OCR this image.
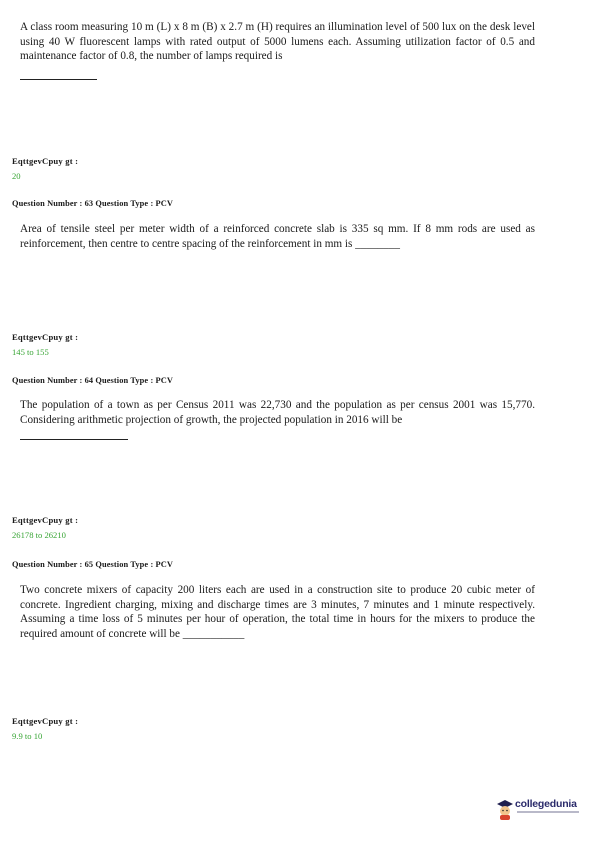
A class room measuring 10 m (L) x 8 m (B) x 2.7 m (H) requires an illumination level of 500 lux on the desk level using 40 W fluorescent lamps with rated output of 5000 lumens each. Assuming utilization factor of 0.5 and maintenance factor of 0.8, the number of lamps required is

EqttgevCpuy gt :
20
Question Number : 63 Question Type : PCV

Area of tensile steel per meter width of a reinforced concrete slab is 335 sq mm. If 8 mm rods are used as reinforcement, then centre to centre spacing of the reinforcement in mm is ________

EqttgevCpuy gt :
145 to 155
Question Number : 64 Question Type : PCV

The population of a town as per Census 2011 was 22,730 and the population as per census 2001 was 15,770. Considering arithmetic projection of growth, the projected population in 2016 will be

EqttgevCpuy gt :
26178 to 26210
Question Number : 65 Question Type : PCV

Two concrete mixers of capacity 200 liters each are used in a construction site to produce 20 cubic meter of concrete. Ingredient charging, mixing and discharge times are 3 minutes, 7 minutes and 1 minute respectively. Assuming a time loss of 5 minutes per hour of operation, the total time in hours for the mixers to produce the required amount of concrete will be ___________

EqttgevCpuy gt :
9.9 to 10
collegedunia
